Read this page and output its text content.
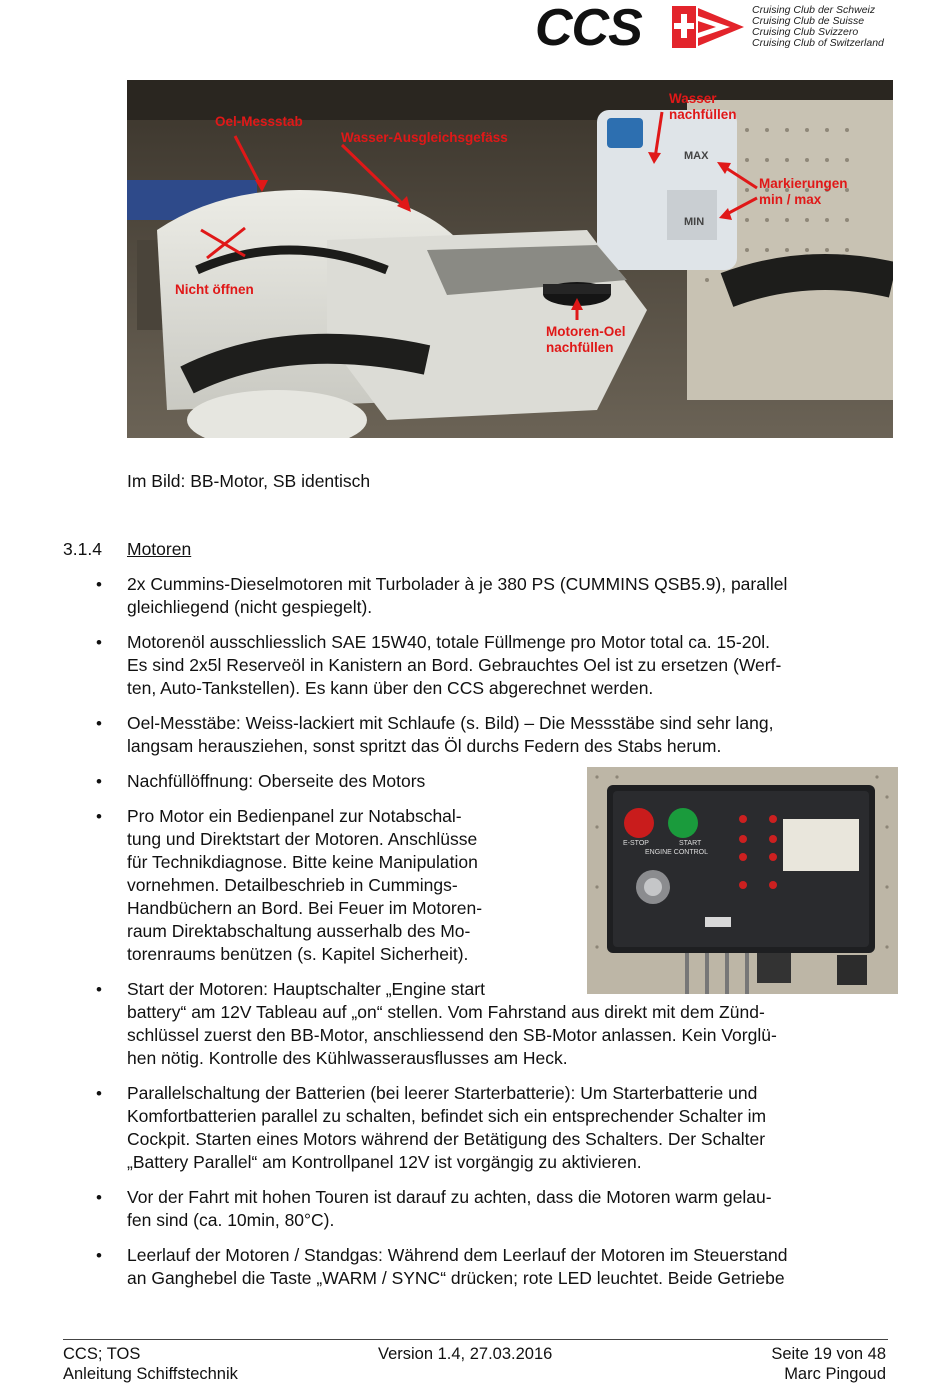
CCS	Cruising Club der Schweiz
Cruising Club de Suisse
Cruising Club Svizzero
Cruising Club of Switzerland
Oel-Messstab
Wasser-Ausgleichsgefäss
Wasser
nachfüllen
Markierungen
min / max
Nicht öffnen
Motoren-Oel
nachfüllen
MAX
MIN
Im Bild: BB-Motor, SB identisch
3.1.4 Motoren
• 2x Cummins-Dieselmotoren mit Turbolader à je 380 PS (CUMMINS QSB5.9), parallel
gleichliegend (nicht gespiegelt).
• Motorenöl ausschliesslich SAE 15W40, totale Füllmenge pro Motor total ca. 15-20l.
Es sind 2x5l Reserveöl in Kanistern an Bord. Gebrauchtes Oel ist zu ersetzen (Werf-
ten, Auto-Tankstellen). Es kann über den CCS abgerechnet werden.
• Oel-Messtäbe: Weiss-lackiert mit Schlaufe (s. Bild) – Die Messstäbe sind sehr lang,
langsam herausziehen, sonst spritzt das Öl durchs Federn des Stabs herum.
• Nachfüllöffnung: Oberseite des Motors
• Pro Motor ein Bedienpanel zur Notabschal-
tung und Direktstart der Motoren. Anschlüsse
für Technikdiagnose. Bitte keine Manipulation
vornehmen. Detailbeschrieb in Cummings-
Handbüchern an Bord. Bei Feuer im Motoren-
raum Direktabschaltung ausserhalb des Mo-
torenraums benützen (s. Kapitel Sicherheit).
• Start der Motoren: Hauptschalter „Engine start
battery“ am 12V Tableau auf „on“ stellen. Vom Fahrstand aus direkt mit dem Zünd-
schlüssel zuerst den BB-Motor, anschliessend den SB-Motor anlassen. Kein Vorglü-
hen nötig. Kontrolle des Kühlwasserausflusses am Heck.
• Parallelschaltung der Batterien (bei leerer Starterbatterie): Um Starterbatterie und
Komfortbatterien parallel zu schalten, befindet sich ein entsprechender Schalter im
Cockpit. Starten eines Motors während der Betätigung des Schalters. Der Schalter
„Battery Parallel“ am Kontrollpanel 12V ist vorgängig zu aktivieren.
• Vor der Fahrt mit hohen Touren ist darauf zu achten, dass die Motoren warm gelau-
fen sind (ca. 10min, 80°C).
• Leerlauf der Motoren / Standgas: Während dem Leerlauf der Motoren im Steuerstand
an Ganghebel die Taste „WARM / SYNC“ drücken; rote LED leuchtet. Beide Getriebe
E-STOP	START
ENGINE CONTROL
CCS; TOS
Anleitung Schiffstechnik
Version 1.4, 27.03.2016	Seite 19 von 48
Marc Pingoud
